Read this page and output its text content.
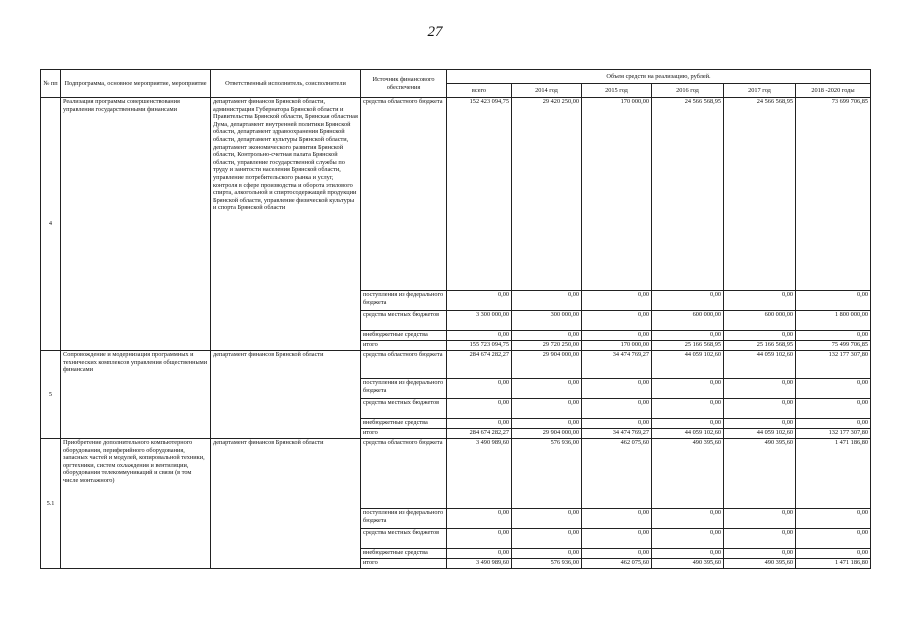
27
№ пп	Подпрограмма, основное мероприятие, мероприятие	Ответственный исполнитель, соисполнители	Источник финансового обеспечения	Объем средств на реализацию, рублей.					
				всего	2014 год	2015 год	2016 год	2017 год	2018 -2020 годы
4	Реализация программы совершенствования управления государственными финансами	департамент финансов Брянской области, администрация Губернатора Брянской области и Правительства Брянской области, Брянская областная Дума, департамент внутренней политики Брянской области, департамент здравоохранения Брянской области, департамент культуры Брянской области, департамент экономического развития Брянской области, Контрольно-счетная палата Брянской области, управление государственной службы по труду и занятости населения Брянской области, управление потребительского рынка и услуг, контроля в сфере производства и оборота этилового спирта, алкогольной и спиртосодержащей продукции Брянской области, управление физической культуры и спорта Брянской области	средства областного бюджета	152 423 094,75	29 420 250,00	170 000,00	24 566 568,95	24 566 568,95	73 699 706,85
			поступления из федерального бюджета	0,00	0,00	0,00	0,00	0,00	0,00
			средства местных бюджетов	3 300 000,00	300 000,00	0,00	600 000,00	600 000,00	1 800 000,00
			внебюджетные средства	0,00	0,00	0,00	0,00	0,00	0,00
			итого	155 723 094,75	29 720 250,00	170 000,00	25 166 568,95	25 166 568,95	75 499 706,85
5	Сопровождение и модернизация программных и технических комплексов управления общественными финансами	департамент финансов Брянской области	средства областного бюджета	284 674 282,27	29 904 000,00	34 474 769,27	44 059 102,60	44 059 102,60	132 177 307,80
			поступления из федерального бюджета	0,00	0,00	0,00	0,00	0,00	0,00
			средства местных бюджетов	0,00	0,00	0,00	0,00	0,00	0,00
			внебюджетные средства	0,00	0,00	0,00	0,00	0,00	0,00
			итого	284 674 282,27	29 904 000,00	34 474 769,27	44 059 102,60	44 059 102,60	132 177 307,80
5.1	Приобретение дополнительного компьютерного оборудования, периферийного оборудования, запасных частей и модулей, копировальной техники, оргтехники, систем охлаждения и вентиляции, оборудования телекоммуникаций и связи (в том числе монтажного)	департамент финансов Брянской области	средства областного бюджета	3 490 989,60	576 936,00	462 075,60	490 395,60	490 395,60	1 471 186,80
			поступления из федерального бюджета	0,00	0,00	0,00	0,00	0,00	0,00
			средства местных бюджетов	0,00	0,00	0,00	0,00	0,00	0,00
			внебюджетные средства	0,00	0,00	0,00	0,00	0,00	0,00
			итого	3 490 989,60	576 936,00	462 075,60	490 395,60	490 395,60	1 471 186,80
